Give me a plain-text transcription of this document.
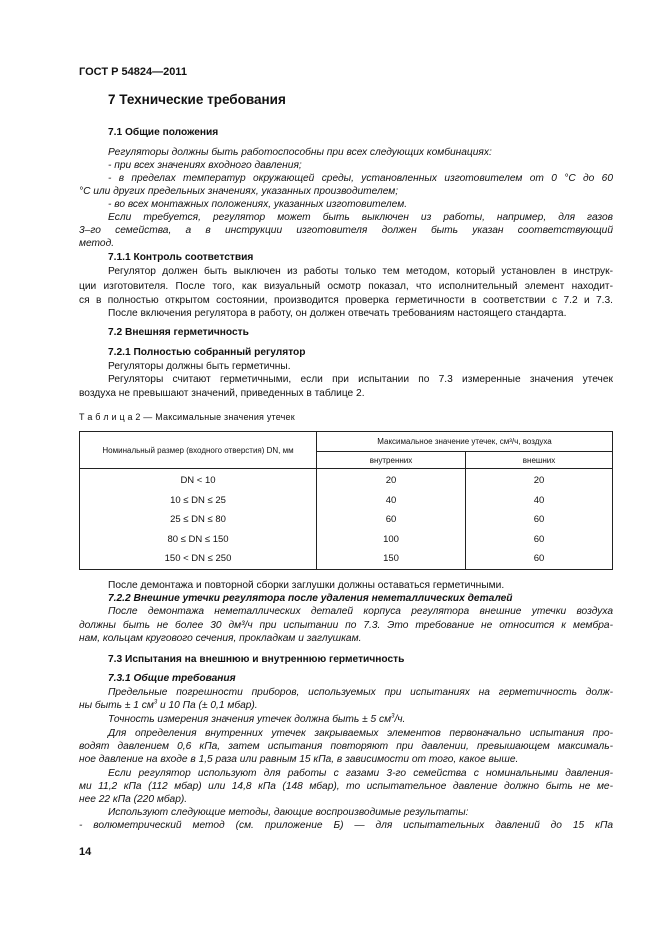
ГОСТ Р 54824—2011
7 Технические требования
7.1 Общие положения
Регуляторы должны быть работоспособны при всех следующих комбинациях:
- при всех значениях входного давления;
- в пределах температур окружающей среды, установленных изготовителем от 0 °С до 60
°С или других предельных значениях, указанных производителем;
- во всех монтажных положениях, указанных изготовителем.
Если требуется, регулятор может быть выключен из работы, например, для газов
3–го семейства, а в инструкции изготовителя должен быть указан соответствующий
метод.
7.1.1 Контроль соответствия
Регулятор должен быть выключен из работы только тем методом, который установлен в инструк-
ции изготовителя. После того, как визуальный осмотр показал, что исполнительный элемент находит-
ся в полностью открытом состоянии, производится проверка герметичности в соответствии с 7.2 и 7.3.
После включения регулятора в работу, он должен отвечать требованиям настоящего стандарта.
7.2 Внешняя герметичность
7.2.1 Полностью собранный регулятор
Регуляторы должны быть герметичны.
Регуляторы считают герметичными, если при испытании по 7.3 измеренные значения утечек
воздуха не превышают значений, приведенных в таблице 2.
Т а б л и ц а 2 — Максимальные значения утечек
Номинальный размер (входного отверстия) DN, мм	Максимальное значение утечек, см³/ч, воздуха	
	внутренних	внешних
DN < 10	20	20
10 ≤ DN ≤ 25	40	40
25 ≤ DN ≤ 80	60	60
80 ≤ DN ≤ 150	100	60
150 < DN ≤ 250	150	60
После демонтажа и повторной сборки заглушки должны оставаться герметичными.
7.2.2 Внешние утечки регулятора после удаления неметаллических деталей
После демонтажа неметаллических деталей корпуса регулятора внешние утечки воздуха
должны быть не более 30 дм³/ч при испытании по 7.3. Это требование не относится к мембра-
нам, кольцам кругового сечения, прокладкам и заглушкам.
7.3 Испытания на внешнюю и внутреннюю герметичность
7.3.1 Общие требования
Предельные погрешности приборов, используемых при испытаниях на герметичность долж-
ны быть ± 1 $см^3$ и 10 Па (± 0,1 мбар).
Точность измерения значения утечек должна быть ± 5 $см^3/ч$.
Для определения внутренних утечек закрываемых элементов первоначально испытания про-
водят давлением 0,6 кПа, затем испытания повторяют при давлении, превышающем максималь-
ное давление на входе в 1,5 раза или равным 15 кПа, в зависимости от того, какое выше.
Если регулятор используют для работы с газами 3-го семейства с номинальными давления-
ми 11,2 кПа (112 мбар) или 14,8 кПа (148 мбар), то испытательное давление должно быть не ме-
нее 22 кПа (220 мбар).
Используют следующие методы, дающие воспроизводимые результаты:
- волюметрический метод (см. приложение Б) — для испытательных давлений до 15 кПа
14
